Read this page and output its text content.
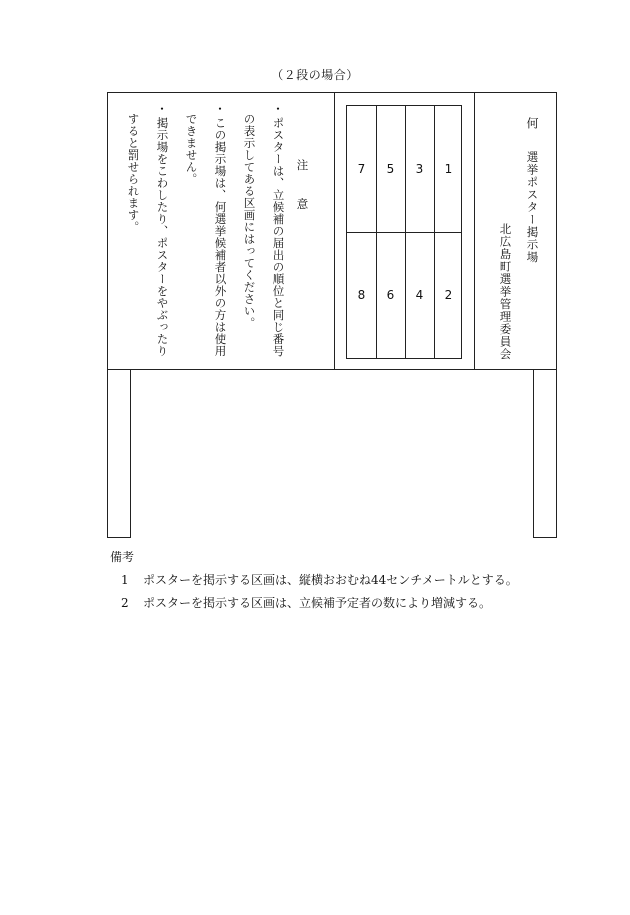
（２段の場合）
注　意
・
ポスターは、立候補の届出の順位と同じ番号
の表示してある区画にはってください。
・
この掲示場は、何選挙候補者以外の方は使用
できません。
・
掲示場をこわしたり、ポスターをやぶったり
すると罰せられます。	7	5	3	1
8	6	4	2
何
選挙ポスター掲示場
北広島町選挙管理委員会
備考
1 ポスターを掲示する区画は、縦横おおむね44センチメートルとする。
2 ポスターを掲示する区画は、立候補予定者の数により増減する。
